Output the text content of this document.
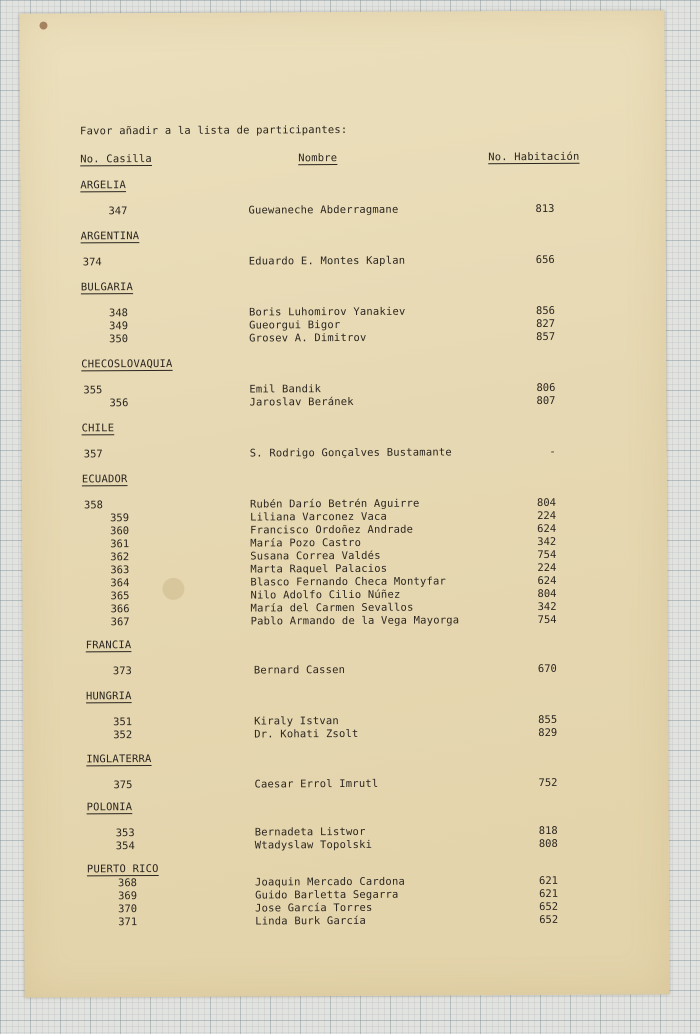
Favor añadir a la lista de participantes:
No. Casilla	Nombre	No. Habitación
ARGELIA
347	Guewaneche Abderragmane	813
ARGENTINA
374	Eduardo E. Montes Kaplan	656
BULGARIA
348	Boris Luhomirov Yanakiev	856
349	Gueorgui Bigor	827
350	Grosev A. Dimitrov	857
CHECOSLOVAQUIA
355	Emil Bandik	806
356	Jaroslav Beránek	807
CHILE
357	S. Rodrigo Gonçalves Bustamante	-
ECUADOR
358	Rubén Darío Betrén Aguirre	804
359	Liliana Varconez Vaca	224
360	Francisco Ordoñez Andrade	624
361	María Pozo Castro	342
362	Susana Correa Valdés	754
363	Marta Raquel Palacios	224
364	Blasco Fernando Checa Montyfar	624
365	Nilo Adolfo Cilio Núñez	804
366	María del Carmen Sevallos	342
367	Pablo Armando de la Vega Mayorga	754
FRANCIA
373	Bernard Cassen	670
HUNGRIA
351	Kiraly Istvan	855
352	Dr. Kohati Zsolt	829
INGLATERRA
375	Caesar Errol Imrutl	752
POLONIA
353	Bernadeta Listwor	818
354	Wtadyslaw Topolski	808
PUERTO RICO
368	Joaquin Mercado Cardona	621
369	Guido Barletta Segarra	621
370	Jose García Torres	652
371	Linda Burk García	652
